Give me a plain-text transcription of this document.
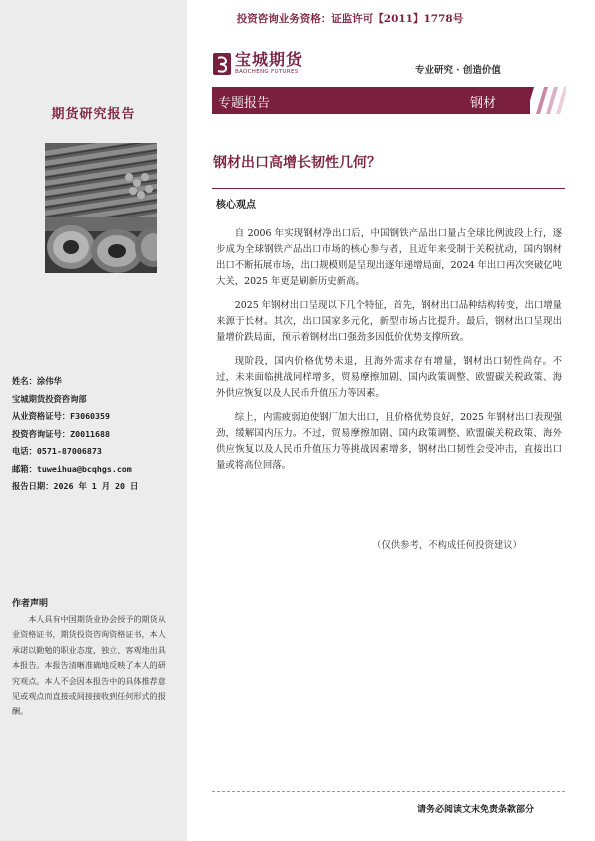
投资咨询业务资格：证监许可【2011】1778号
宝城期货
BAOCHENG FUTURES	专业研究 · 创造价值
专题报告	钢材
期货研究报告
钢材出口高增长韧性几何？
核心观点

自 2006 年实现钢材净出口后，中国钢铁产品出口量占全球比例波段上行，逐步成为全球钢铁产品出口市场的核心参与者，且近年来受制于关税扰动，国内钢材出口不断拓展市场，出口规模则是呈现出逐年递增局面，2024 年出口再次突破亿吨大关，2025 年更是刷新历史新高。

2025 年钢材出口呈现以下几个特征，首先，钢材出口品种结构转变，出口增量来源于长材。其次，出口国家多元化，新型市场占比提升。最后，钢材出口呈现出量增价跌局面，预示着钢材出口强劲多因低价优势支撑所致。

现阶段，国内价格优势未退，且海外需求存有增量，钢材出口韧性尚存。不过，未来面临挑战同样增多，贸易摩擦加剧、国内政策调整、欧盟碳关税政策、海外供应恢复以及人民币升值压力等因素。

综上，内需疲弱迫使钢厂加大出口，且价格优势良好，2025 年钢材出口表现强劲，缓解国内压力。不过，贸易摩擦加剧、国内政策调整、欧盟碳关税政策、海外供应恢复以及人民币升值压力等挑战因素增多，钢材出口韧性会受冲击，直接出口量或将高位回落。

（仅供参考，不构成任何投资建议）
姓名：涂伟华
宝城期货投资咨询部
从业资格证号：F3060359
投资咨询证号：Z0011688
电话：0571-87006873
邮箱：tuweihua@bcqhgs.com
报告日期：2026 年 1 月 20 日
作者声明
本人具有中国期货业协会授予的期货从业资格证书，期货投资咨询资格证书，本人承诺以勤勉的职业态度，独立、客观地出具本报告。本报告清晰准确地反映了本人的研究观点。本人不会因本报告中的具体推荐意见或观点而直接或间接接收到任何形式的报酬。
请务必阅读文末免责条款部分
